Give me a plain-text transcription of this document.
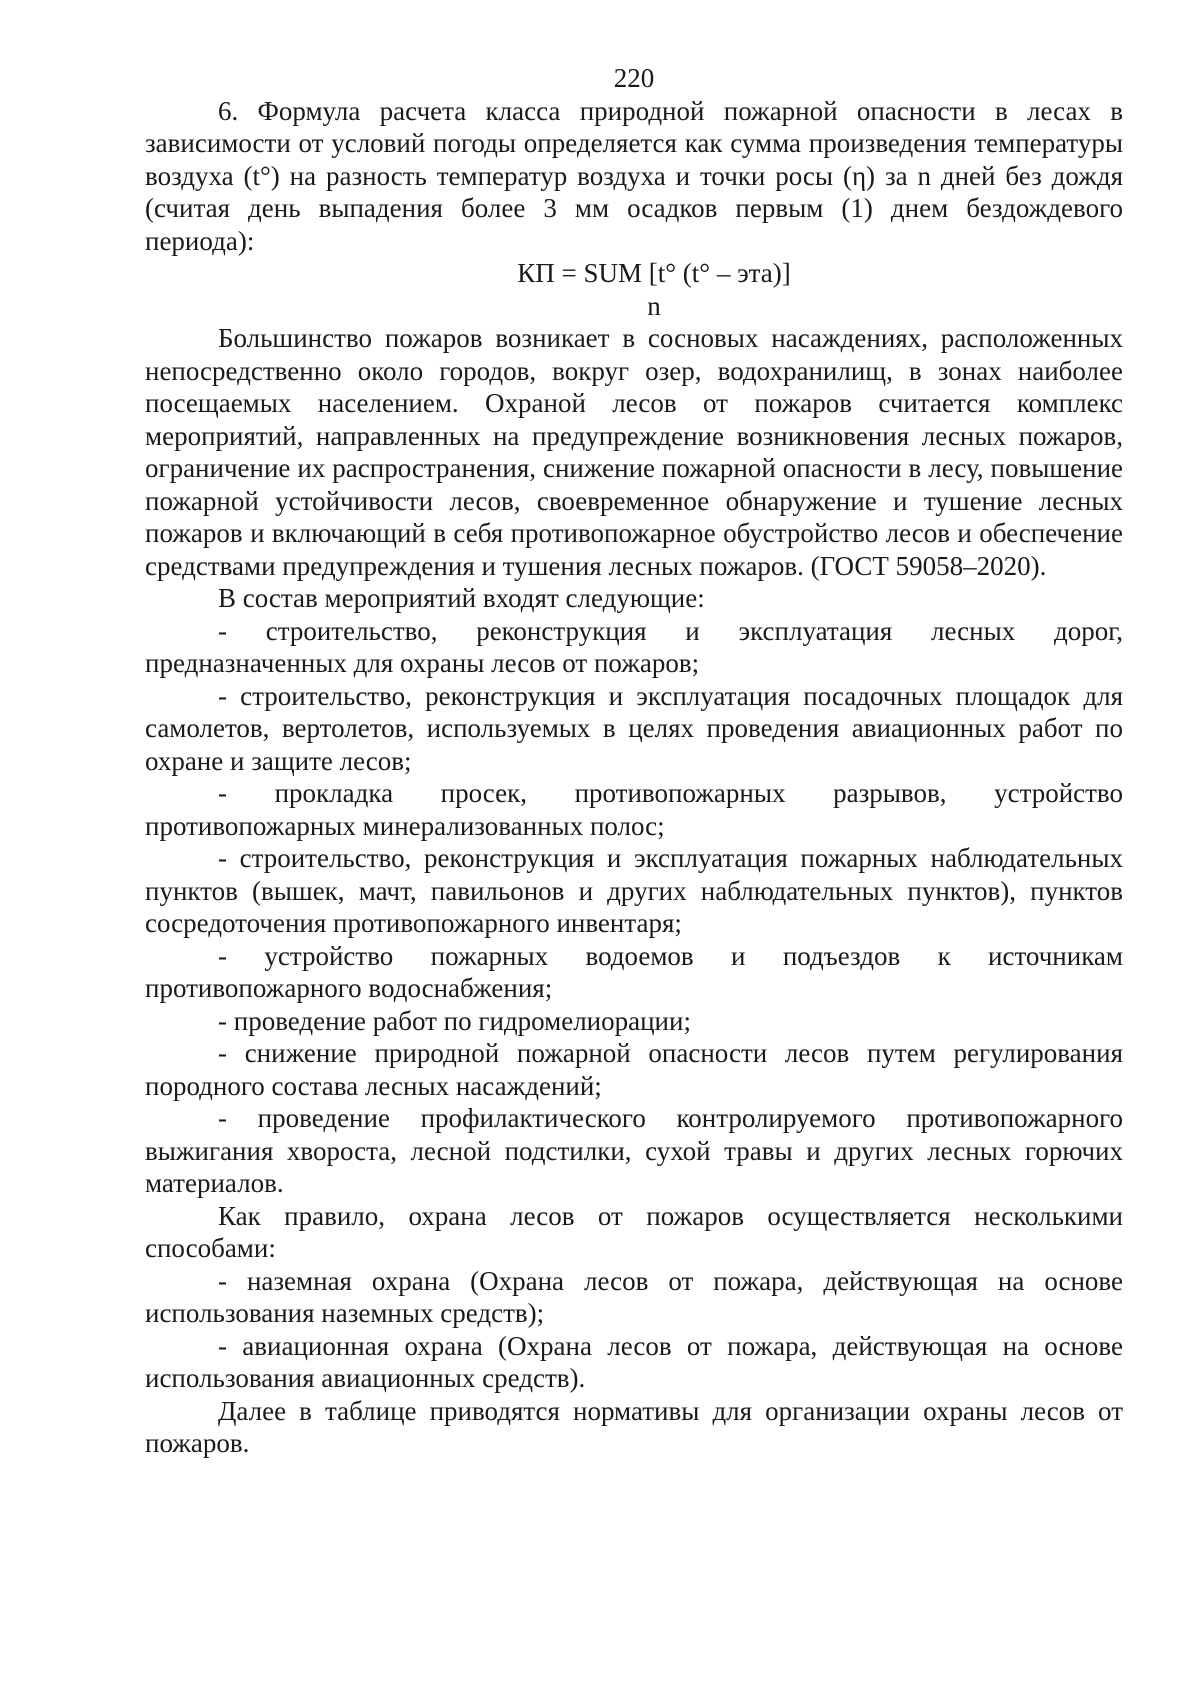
220

6. Формула расчета класса природной пожарной опасности в лесах в зависимости от условий погоды определяется как сумма произведения температуры воздуха (t°) на разность температур воздуха и точки росы (η) за n дней без дождя (считая день выпадения более 3 мм осадков первым (1) днем бездождевого периода):

КП = SUM [t° (t° – эта)]

n

Большинство пожаров возникает в сосновых насаждениях, расположенных непосредственно около городов, вокруг озер, водохранилищ, в зонах наиболее посещаемых населением. Охраной лесов от пожаров считается комплекс мероприятий, направленных на предупреждение возникновения лесных пожаров, ограничение их распространения, снижение пожарной опасности в лесу, повышение пожарной устойчивости лесов, своевременное обнаружение и тушение лесных пожаров и включающий в себя противопожарное обустройство лесов и обеспечение средствами предупреждения и тушения лесных пожаров. (ГОСТ 59058–2020).

В состав мероприятий входят следующие:

- строительство, реконструкция и эксплуатация лесных дорог, предназначенных для охраны лесов от пожаров;

- строительство, реконструкция и эксплуатация посадочных площадок для самолетов, вертолетов, используемых в целях проведения авиационных работ по охране и защите лесов;

- прокладка просек, противопожарных разрывов, устройство противопожарных минерализованных полос;

- строительство, реконструкция и эксплуатация пожарных наблюдательных пунктов (вышек, мачт, павильонов и других наблюдательных пунктов), пунктов сосредоточения противопожарного инвентаря;

- устройство пожарных водоемов и подъездов к источникам противопожарного водоснабжения;

- проведение работ по гидромелиорации;

- снижение природной пожарной опасности лесов путем регулирования породного состава лесных насаждений;

- проведение профилактического контролируемого противопожарного выжигания хвороста, лесной подстилки, сухой травы и других лесных горючих материалов.

Как правило, охрана лесов от пожаров осуществляется несколькими способами:

- наземная охрана (Охрана лесов от пожара, действующая на основе использования наземных средств);

- авиационная охрана (Охрана лесов от пожара, действующая на основе использования авиационных средств).

Далее в таблице приводятся нормативы для организации охраны лесов от пожаров.
